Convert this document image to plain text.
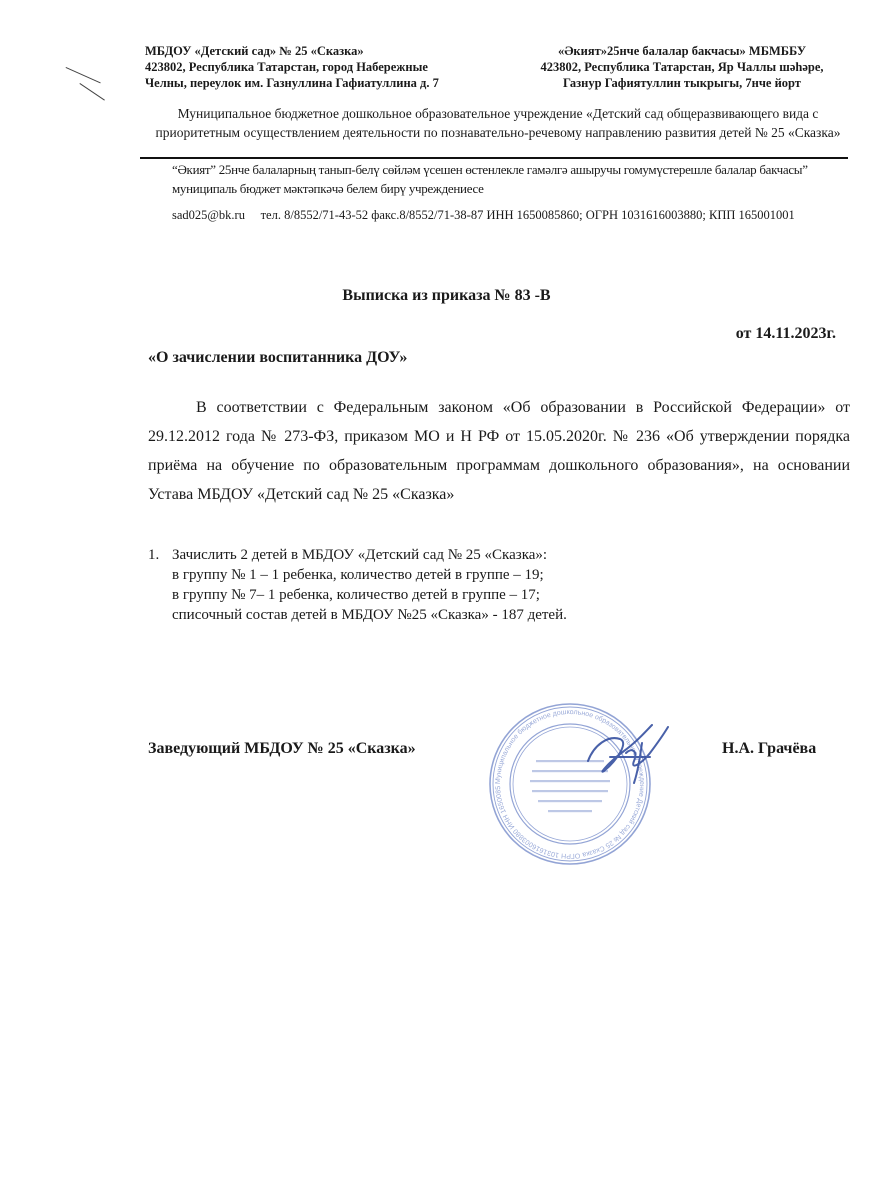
МБДОУ «Детский сад» № 25 «Сказка»
423802, Республика Татарстан, город Набережные
Челны, переулок им. Газнуллина Гафиатуллина д. 7
«Әкият»25нче балалар бакчасы» МБМББУ
423802, Республика Татарстан, Яр Чаллы шәһәре,
Газнур Гафиятуллин тыкрыгы, 7нче йорт
Муниципальное бюджетное дошкольное образовательное учреждение «Детский сад общеразвивающего вида с приоритетным осуществлением деятельности по познавательно-речевому направлению развития детей № 25 «Сказка»
“Әкият” 25нче балаларның танып-белү сөйләм үсешен өстенлекле гамәлгә ашыручы гомумүстерешле балалар бакчасы” муниципаль бюджет мәктәпкәчә белем бирү учреждениесе
sad025@bk.ru тел. 8/8552/71-43-52 факс.8/8552/71-38-87 ИНН 1650085860; ОГРН 1031616003880; КПП 165001001
Выписка из приказа № 83 -В
от 14.11.2023г.
«О зачислении воспитанника ДОУ»
В соответствии с Федеральным законом «Об образовании в Российской Федерации» от 29.12.2012 года № 273-ФЗ, приказом МО и Н РФ от 15.05.2020г. № 236 «Об утверждении порядка приёма на обучение по образовательным программам дошкольного образования», на основании Устава МБДОУ «Детский сад № 25 «Сказка»
1. Зачислить 2 детей в МБДОУ «Детский сад № 25 «Сказка»:
в группу № 1 – 1 ребенка, количество детей в группе – 19;
в группу № 7– 1 ребенка, количество детей в группе – 17;
списочный состав детей в МБДОУ №25 «Сказка» - 187 детей.
Муниципальное бюджетное дошкольное образовательное учреждение Детский сад № 25 Сказка ОГРН 1031616003880 ИНН 1650085
Заведующий МБДОУ № 25 «Сказка»	Н.А. Грачёва
